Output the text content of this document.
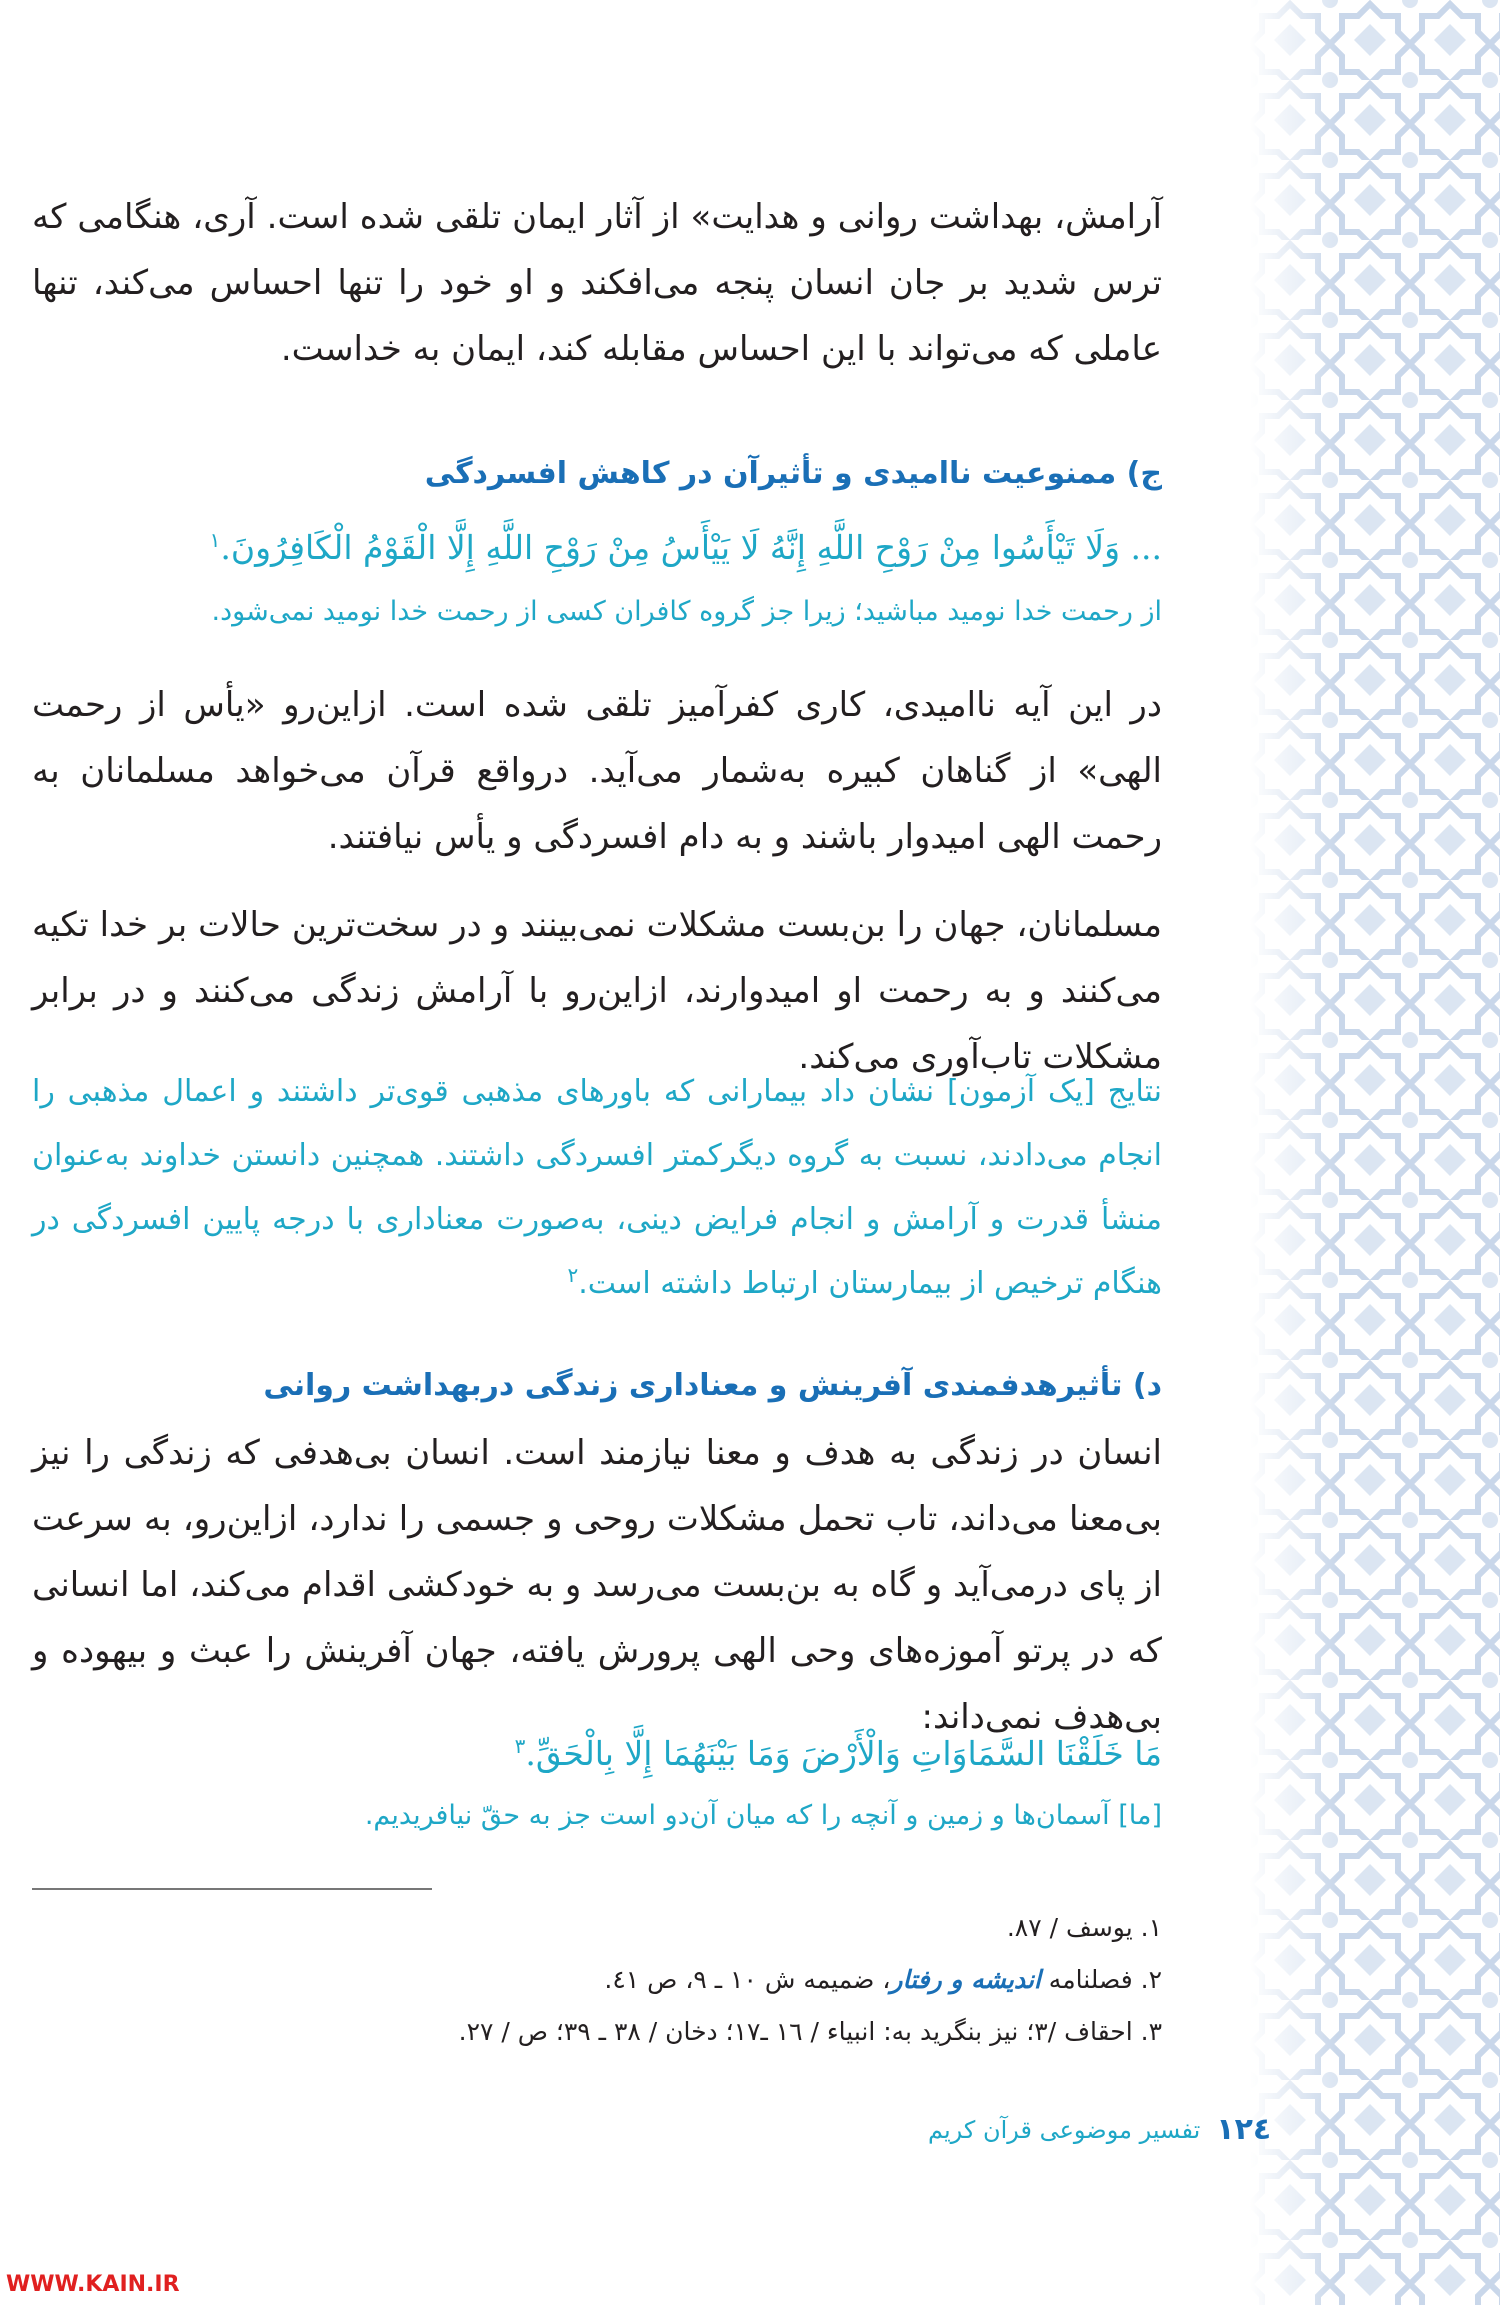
آرامش، بهداشت روانی و هدایت» از آثار ایمان تلقی شده است. آری، هنگامی که ترس شدید بر جان انسان پنجه می‌افکند و او خود را تنها احساس می‌کند، تنها عاملی که می‌تواند با این احساس مقابله کند، ایمان به خداست.

ج) ممنوعیت ناامیدی و تأثیرآن در کاهش افسردگی

... وَلَا تَيْأَسُوا مِنْ رَوْحِ اللَّهِ إِنَّهُ لَا يَيْأَسُ مِنْ رَوْحِ اللَّهِ إِلَّا الْقَوْمُ الْكَافِرُونَ.$^١$

از رحمت خدا نومید مباشید؛ زیرا جز گروه کافران کسی از رحمت خدا نومید نمی‌شود.

در این آیه ناامیدی، کاری کفرآمیز تلقی شده است. ازاین‌رو «یأس از رحمت الهی» از گناهان کبیره به‌شمار می‌آید. درواقع قرآن می‌خواهد مسلمانان به رحمت الهی امیدوار باشند و به دام افسردگی و یأس نیافتند.

مسلمانان، جهان را بن‌بست مشکلات نمی‌بینند و در سخت‌ترین حالات بر خدا تکیه می‌کنند و به رحمت او امیدوارند، ازاین‌رو با آرامش زندگی می‌کنند و در برابر مشکلات تاب‌آوری می‌کند.

نتایج [یک آزمون] نشان داد بیمارانی که باورهای مذهبی قوی‌تر داشتند و اعمال مذهبی را انجام می‌دادند، نسبت به گروه دیگرکمتر افسردگی داشتند. همچنین دانستن خداوند به‌عنوان منشأ قدرت و آرامش و انجام فرایض دینی، به‌صورت معناداری با درجه پایین افسردگی در هنگام ترخیص از بیمارستان ارتباط داشته است.$^٢$

د) تأثیرهدفمندی آفرینش و معناداری زندگی دربهداشت روانی

انسان در زندگی به هدف و معنا نیازمند است. انسان بی‌هدفی که زندگی را نیز بی‌معنا می‌داند، تاب تحمل مشکلات روحی و جسمی را ندارد، ازاین‌رو، به سرعت از پای درمی‌آید و گاه به بن‌بست می‌رسد و به خودکشی اقدام می‌کند، اما انسانی که در پرتو آموزه‌های وحی الهی پرورش یافته، جهان آفرینش را عبث و بیهوده و بی‌هدف نمی‌داند:

مَا خَلَقْنَا السَّمَاوَاتِ وَالْأَرْضَ وَمَا بَيْنَهُمَا إِلَّا بِالْحَقِّ.$^٣$

[ما] آسمان‌ها و زمین و آنچه را که میان آن‌دو است جز به حقّ نیافریدیم.

١. یوسف / ٨٧.

٢. فصلنامه اندیشه و رفتار، ضمیمه ش ١٠ ـ ٩، ص ٤١.

٣. احقاف /٣؛ نیز بنگرید به: انبیاء / ١٦ ـ١٧؛ دخان / ٣٨ ـ ٣٩؛ ص / ٢٧.

١٢٤
تفسیر موضوعی قرآن کریم
WWW.KAIN.IR
